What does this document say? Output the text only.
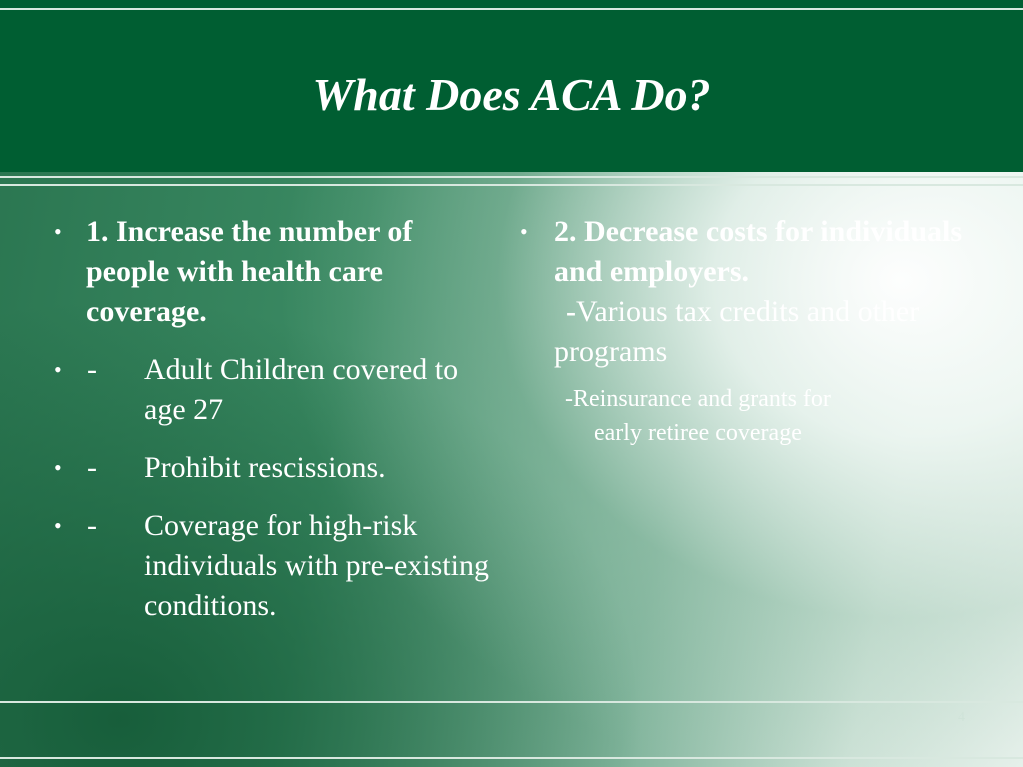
What Does ACA Do?
• 1. Increase the number of people with health care coverage.
• -	Adult Children covered to age 27
• -	Prohibit rescissions.
• -	Coverage for high-risk individuals with pre-existing conditions.
• 2. Decrease costs for individuals and employers.
-Various tax credits and other programs
-Reinsurance and grants for
early retiree coverage
4
